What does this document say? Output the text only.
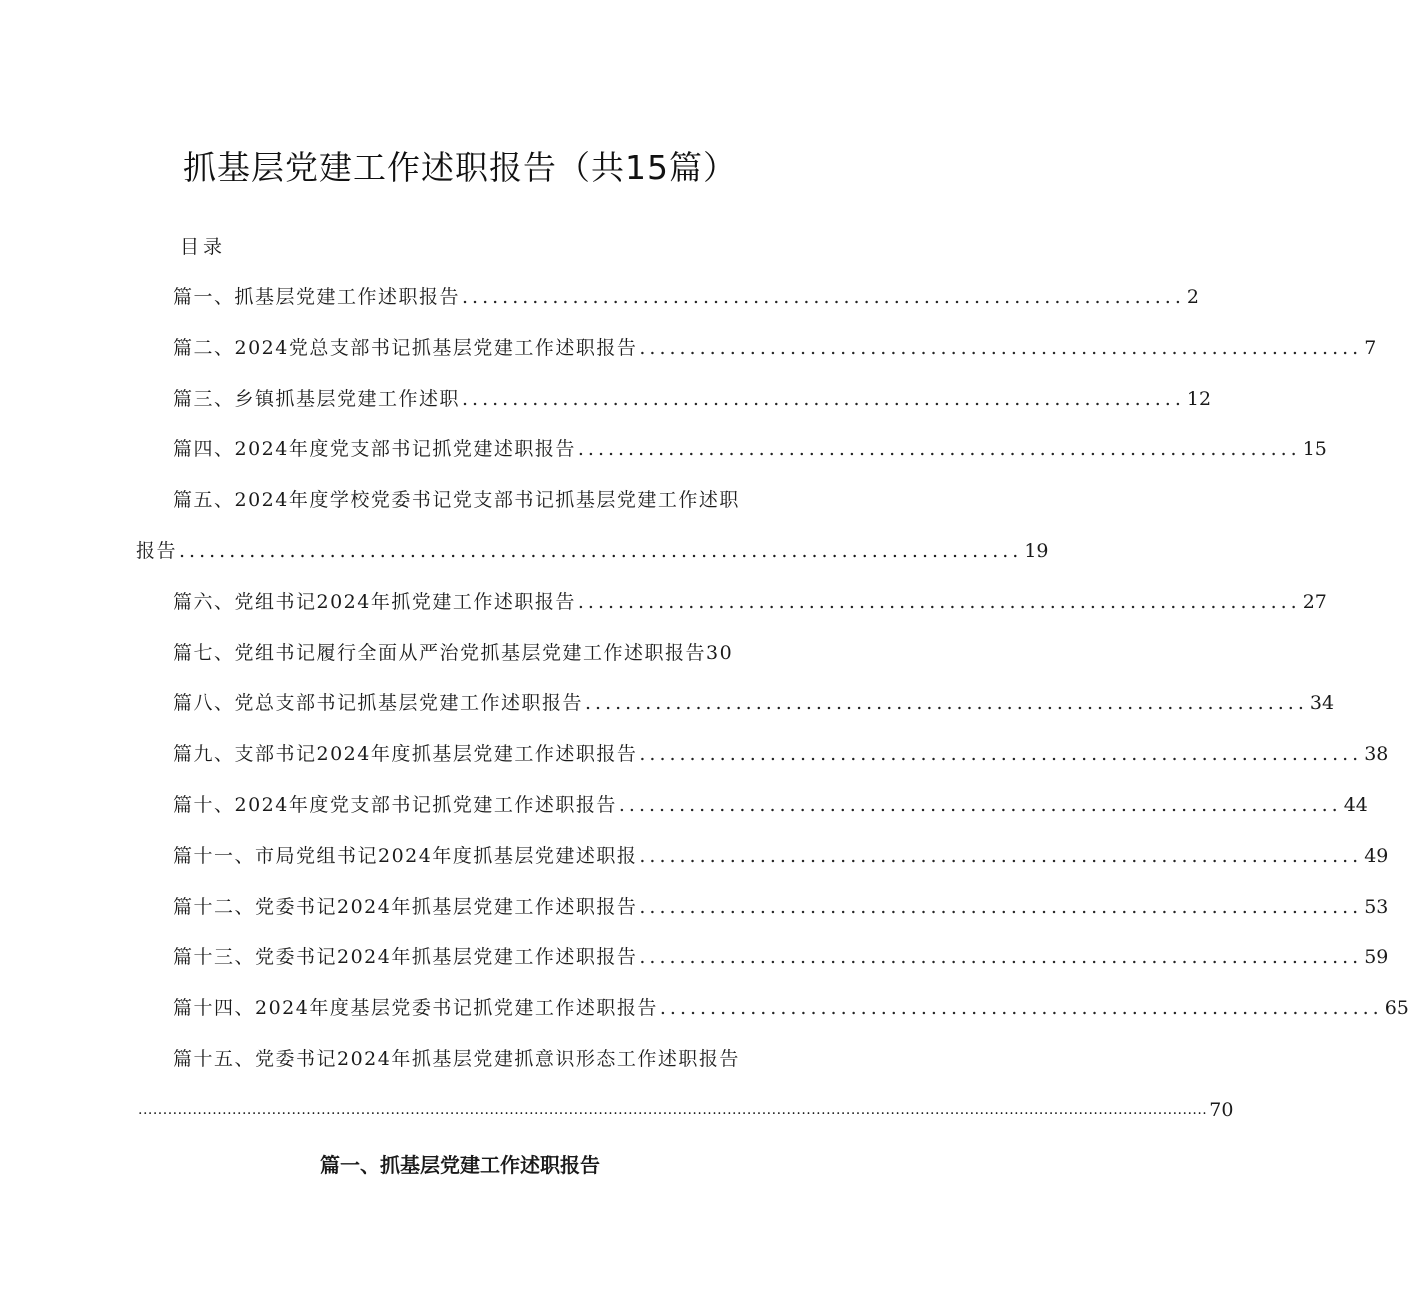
抓基层党建工作述职报告（共15篇）
目录
篇一、抓基层党建工作述职报告 ........................................................................ 2
篇二、2024党总支部书记抓基层党建工作述职报告 ........................................................................ 7
篇三、乡镇抓基层党建工作述职 ........................................................................ 12
篇四、2024年度党支部书记抓党建述职报告 ........................................................................ 15
篇五、2024年度学校党委书记党支部书记抓基层党建工作述职
报告 .................................................................................... 19
篇六、党组书记2024年抓党建工作述职报告 ........................................................................ 27
篇七、党组书记履行全面从严治党抓基层党建工作述职报告30
篇八、党总支部书记抓基层党建工作述职报告 ........................................................................ 34
篇九、支部书记2024年度抓基层党建工作述职报告 ........................................................................ 38
篇十、2024年度党支部书记抓党建工作述职报告 ........................................................................ 44
篇十一、市局党组书记2024年度抓基层党建述职报 ........................................................................ 49
篇十二、党委书记2024年抓基层党建工作述职报告 ........................................................................ 53
篇十三、党委书记2024年抓基层党建工作述职报告 ........................................................................ 59
篇十四、2024年度基层党委书记抓党建工作述职报告 ........................................................................ 65
篇十五、党委书记2024年抓基层党建抓意识形态工作述职报告
........................................................................................................................................................................................................................ 70
篇一、抓基层党建工作述职报告
